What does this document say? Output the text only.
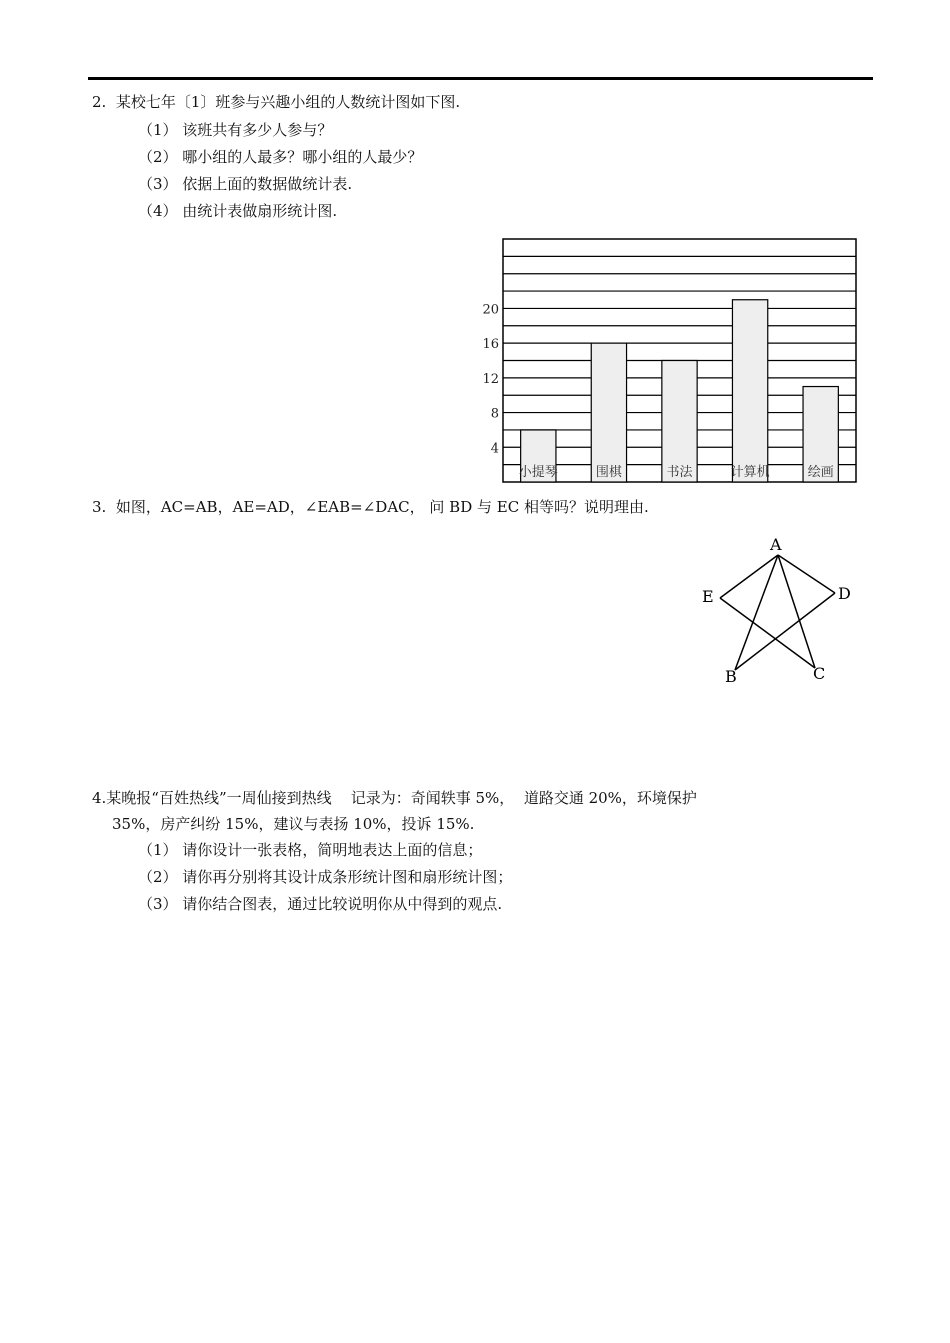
2.  某校七年〔1〕班参与兴趣小组的人数统计图如下图.
（1） 该班共有多少人参与？
（2） 哪小组的人最多？哪小组的人最少？
（3） 依据上面的数据做统计表.
（4） 由统计表做扇形统计图.
4
8
12
16
20
小提琴	围棋	书法	计算机	绘画
3.  如图，AC=AB，AE=AD，∠EAB=∠DAC， 问 BD 与 EC 相等吗？说明理由.
A
E	D
B	C
4.某晚报“百姓热线”一周仙接到热线    记录为：奇闻轶事 5%，  道路交通 20%，环境保护
35%，房产纠纷 15%，建议与表扬 10%，投诉 15%.
（1） 请你设计一张表格，简明地表达上面的信息；
（2） 请你再分别将其设计成条形统计图和扇形统计图；
（3） 请你结合图表，通过比较说明你从中得到的观点.
